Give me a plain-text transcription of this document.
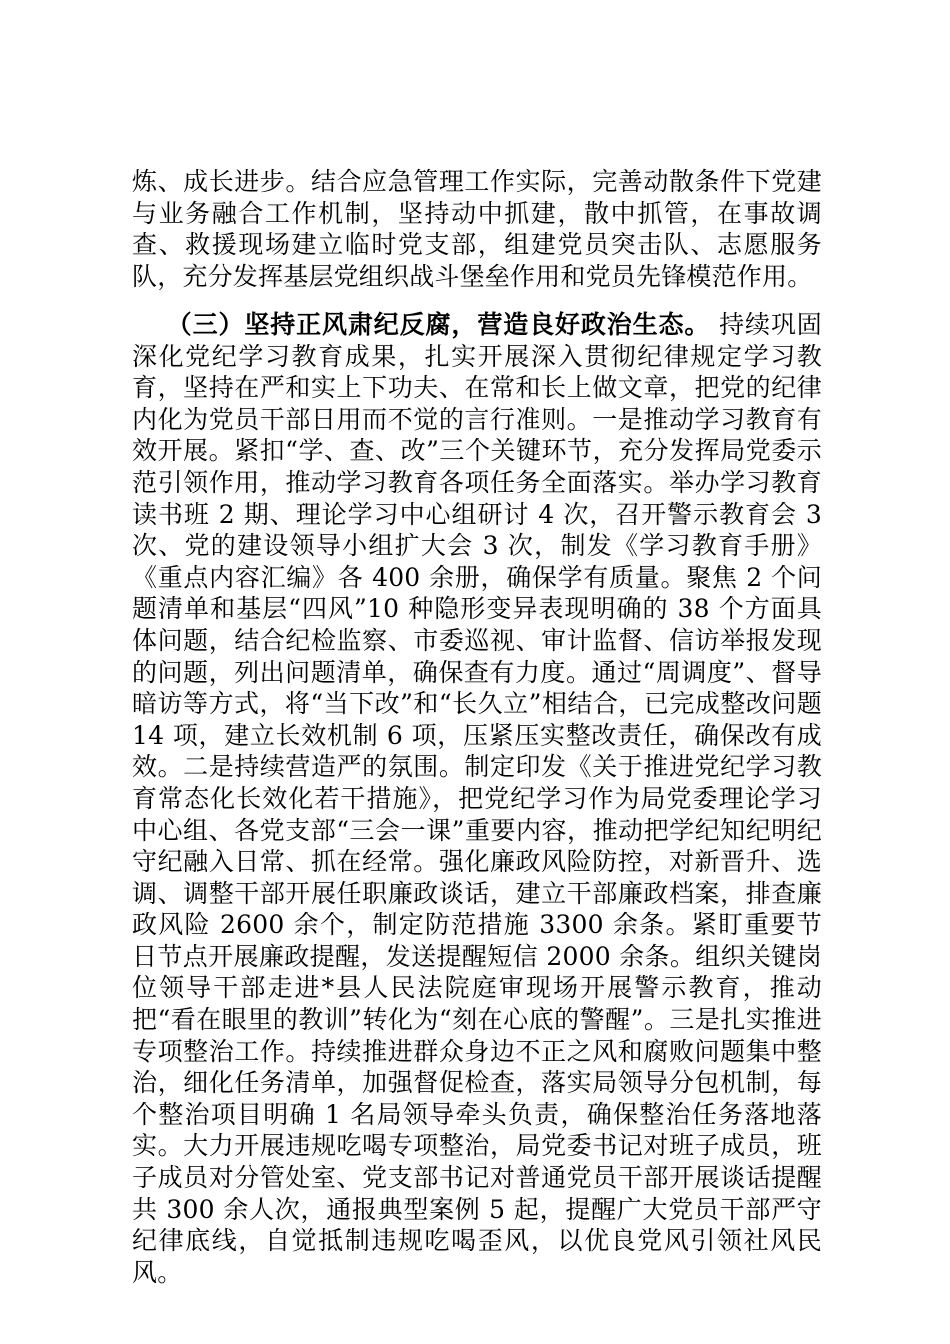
炼、成长进步。结合应急管理工作实际，完善动散条件下党建与业务融合工作机制，坚持动中抓建，散中抓管，在事故调查、救援现场建立临时党支部，组建党员突击队、志愿服务队，充分发挥基层党组织战斗堡垒作用和党员先锋模范作用。
（三）坚持正风肃纪反腐，营造良好政治生态。 持续巩固深化党纪学习教育成果，扎实开展深入贯彻纪律规定学习教育，坚持在严和实上下功夫、在常和长上做文章，把党的纪律内化为党员干部日用而不觉的言行准则。一是推动学习教育有效开展。紧扣“学、查、改”三个关键环节，充分发挥局党委示范引领作用，推动学习教育各项任务全面落实。举办学习教育读书班 2 期、理论学习中心组研讨 4 次，召开警示教育会 3 次、党的建设领导小组扩大会 3 次，制发《学习教育手册》《重点内容汇编》各 400 余册，确保学有质量。聚焦 2 个问题清单和基层“四风”10 种隐形变异表现明确的 38 个方面具体问题，结合纪检监察、市委巡视、审计监督、信访举报发现的问题，列出问题清单，确保查有力度。通过“周调度”、督导暗访等方式，将“当下改”和“长久立”相结合，已完成整改问题 14 项，建立长效机制 6 项，压紧压实整改责任，确保改有成效。二是持续营造严的氛围。制定印发《关于推进党纪学习教育常态化长效化若干措施》，把党纪学习作为局党委理论学习中心组、各党支部“三会一课”重要内容，推动把学纪知纪明纪守纪融入日常、抓在经常。强化廉政风险防控，对新晋升、选调、调整干部开展任职廉政谈话，建立干部廉政档案，排查廉政风险 2600 余个，制定防范措施 3300 余条。紧盯重要节日节点开展廉政提醒，发送提醒短信 2000 余条。组织关键岗位领导干部走进*县人民法院庭审现场开展警示教育，推动把“看在眼里的教训”转化为“刻在心底的警醒”。三是扎实推进专项整治工作。持续推进群众身边不正之风和腐败问题集中整治，细化任务清单，加强督促检查，落实局领导分包机制，每个整治项目明确 1 名局领导牵头负责，确保整治任务落地落实。大力开展违规吃喝专项整治，局党委书记对班子成员，班子成员对分管处室、党支部书记对普通党员干部开展谈话提醒共 300 余人次，通报典型案例 5 起，提醒广大党员干部严守纪律底线，自觉抵制违规吃喝歪风，以优良党风引领社风民风。
